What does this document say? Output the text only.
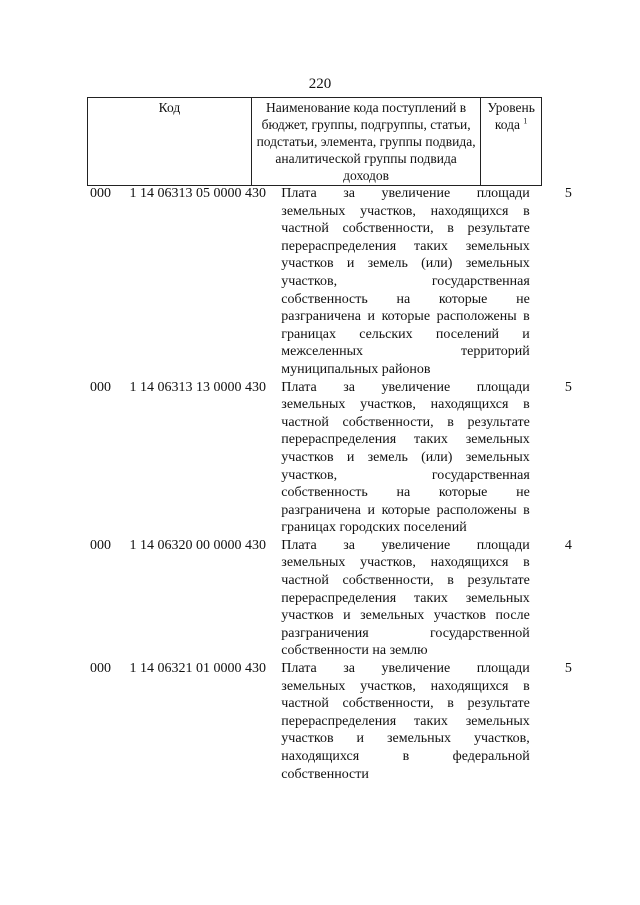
220
Код	Наименование кода поступлений в
бюджет, группы, подгруппы, статьи,
подстатьи, элемента, группы подвида,
аналитической группы подвида доходов

Уровень
кода $^1$
000	1 14 06313 05 0000 430	Плата за увеличение площади
земельных участков, находящихся в
частной собственности, в результате
перераспределения таких земельных
участков и земель (или) земельных
участков, государственная
собственность на которые не
разграничена и которые расположены в
границах сельских поселений и
межселенных территорий
муниципальных районов
5
000	1 14 06313 13 0000 430	Плата за увеличение площади
земельных участков, находящихся в
частной собственности, в результате
перераспределения таких земельных
участков и земель (или) земельных
участков, государственная
собственность на которые не
разграничена и которые расположены в
границах городских поселений
5
000	1 14 06320 00 0000 430	Плата за увеличение площади
земельных участков, находящихся в
частной собственности, в результате
перераспределения таких земельных
участков и земельных участков после
разграничения государственной
собственности на землю
4
000	1 14 06321 01 0000 430	Плата за увеличение площади
земельных участков, находящихся в
частной собственности, в результате
перераспределения таких земельных
участков и земельных участков,
находящихся в федеральной
собственности
5
